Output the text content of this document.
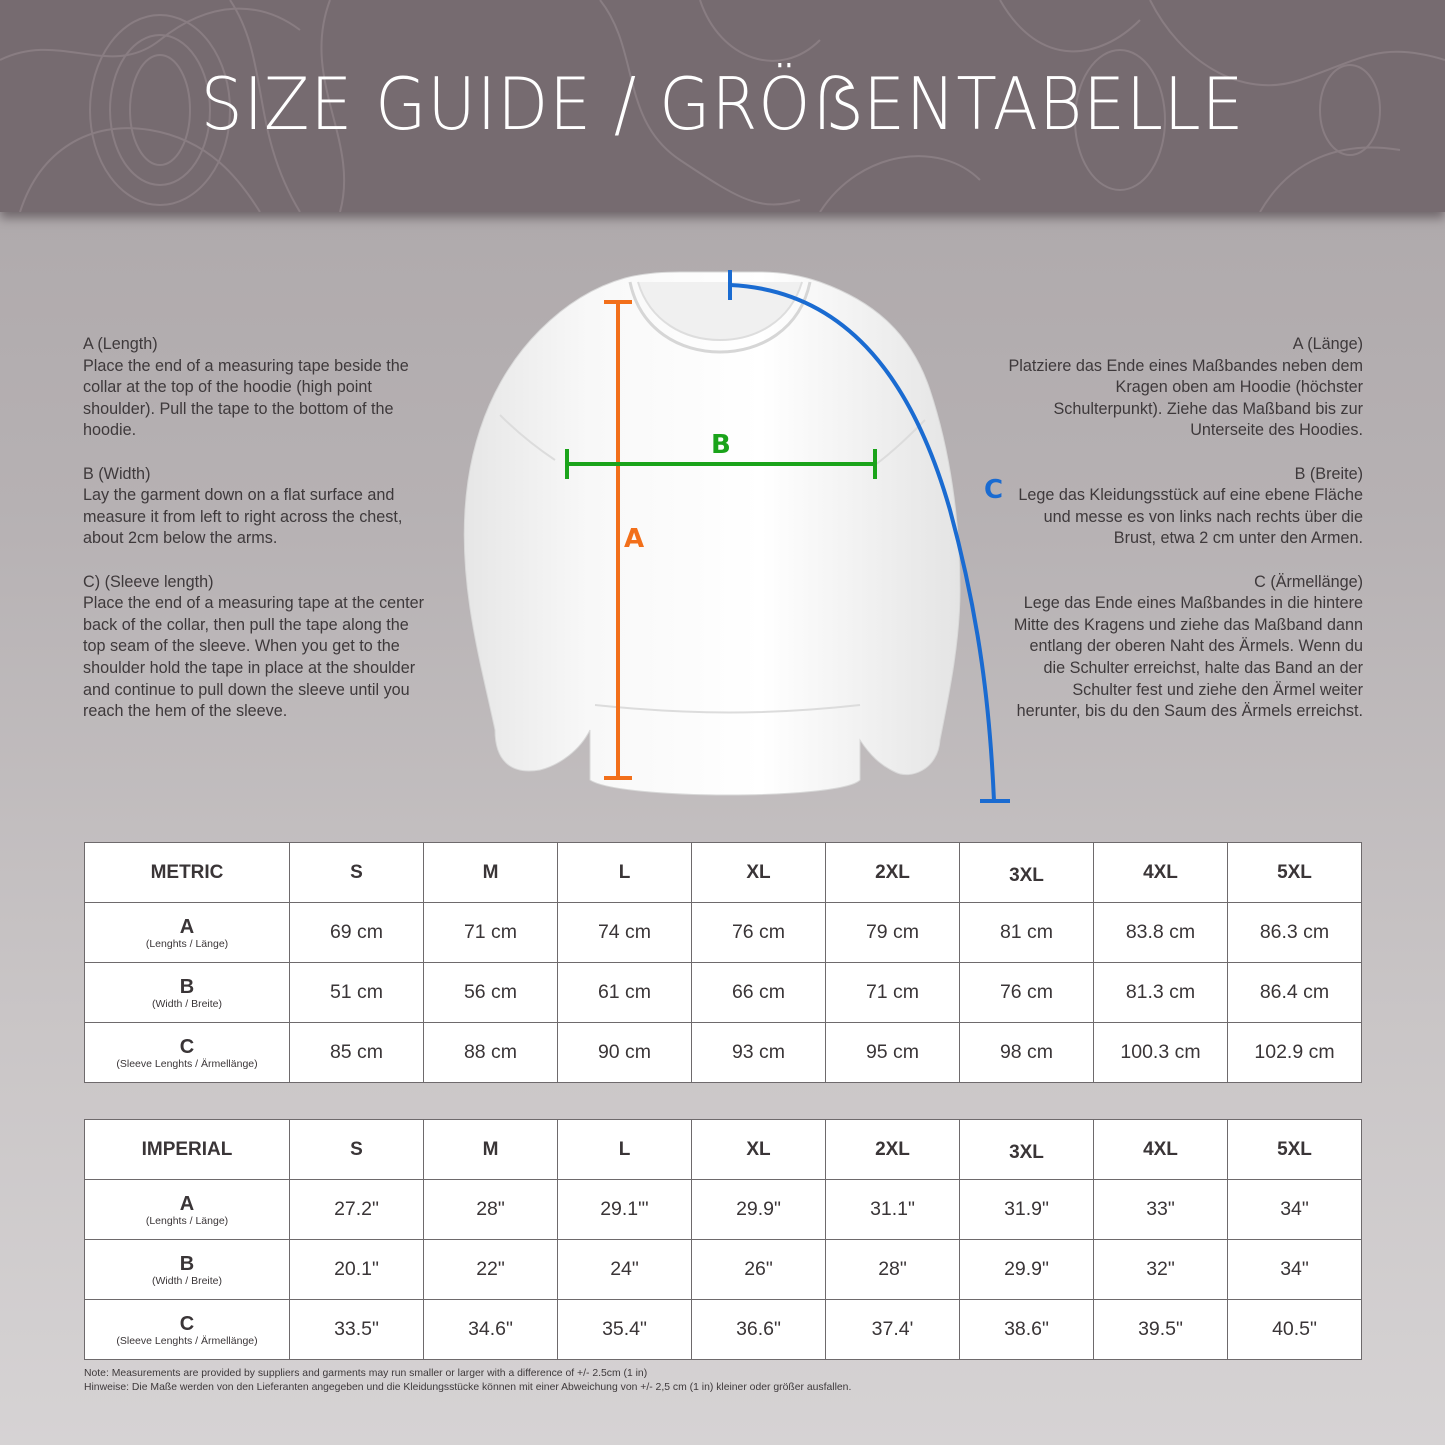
SIZE GUIDE / GRÖẞENTABELLE
A (Length)
Place the end of a measuring tape beside the collar at the top of the hoodie (high point shoulder). Pull the tape to the bottom of the hoodie.
B (Width)
Lay the garment down on a flat surface and measure it from left to right across the chest, about 2cm below the arms.
C) (Sleeve length)
Place the end of a measuring tape at the center back of the collar, then pull the tape along the top seam of the sleeve. When you get to the shoulder hold the tape in place at the shoulder and continue to pull down the sleeve until you reach the hem of the sleeve.
A (Länge)
Platziere das Ende eines Maßbandes neben dem Kragen oben am Hoodie (höchster Schulterpunkt). Ziehe das Maßband bis zur Unterseite des Hoodies.
B (Breite)
Lege das Kleidungsstück auf eine ebene Fläche und messe es von links nach rechts über die Brust, etwa 2 cm unter den Armen.
C (Ärmellänge)
Lege das Ende eines Maßbandes in die hintere Mitte des Kragens und ziehe das Maßband dann entlang der oberen Naht des Ärmels. Wenn du die Schulter erreichst, halte das Band an der Schulter fest und ziehe den Ärmel weiter herunter, bis du den Saum des Ärmels erreichst.
A
B
C
METRIC	S	M	L	XL	2XL	3XL	4XL	5XL

A
(Lenghts / Länge)	69 cm	71 cm	74 cm	76 cm	79 cm	81 cm	83.8 cm	86.3 cm

B
(Width / Breite)	51 cm	56 cm	61 cm	66 cm	71 cm	76 cm	81.3 cm	86.4 cm

C
(Sleeve Lenghts / Ärmellänge)	85 cm	88 cm	90 cm	93 cm	95 cm	98 cm	100.3 cm	102.9 cm
IMPERIAL	S	M	L	XL	2XL	3XL	4XL	5XL

A
(Lenghts / Länge)	27.2"	28"	29.1"'	29.9"	31.1"	31.9"	33"	34"

B
(Width / Breite)	20.1"	22"	24"	26"	28"	29.9"	32"	34"

C
(Sleeve Lenghts / Ärmellänge)	33.5"	34.6"	35.4"	36.6"	37.4'	38.6"	39.5"	40.5"
Note: Measurements are provided by suppliers and garments may run smaller or larger with a difference of +/- 2.5cm (1 in)
Hinweise: Die Maße werden von den Lieferanten angegeben und die Kleidungsstücke können mit einer Abweichung von +/- 2,5 cm (1 in) kleiner oder größer ausfallen.
